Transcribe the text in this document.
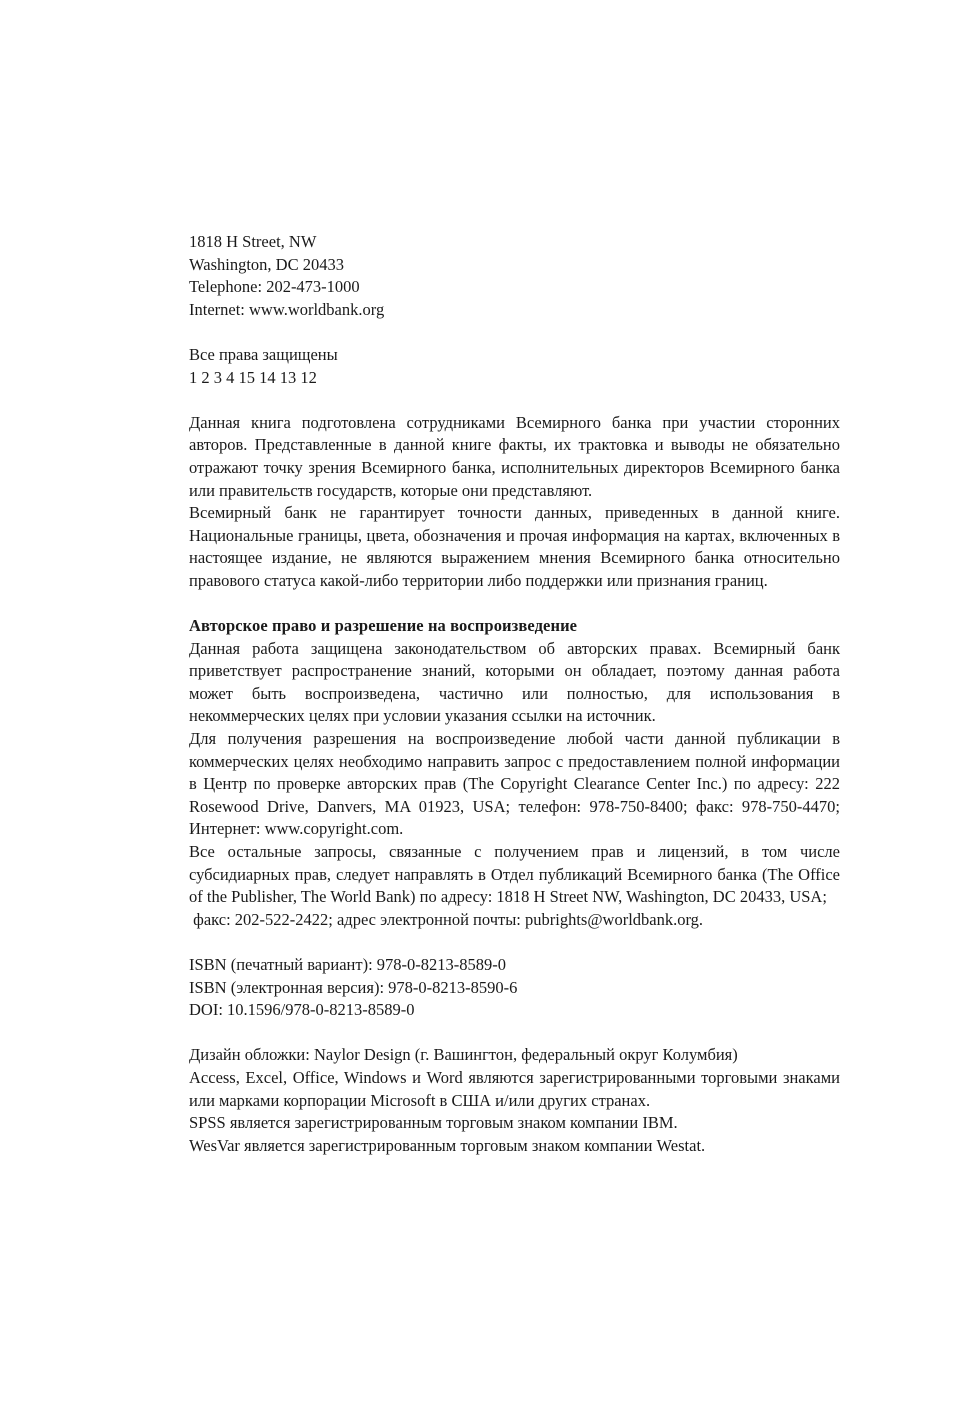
1818 H Street, NW
Washington, DC 20433
Telephone: 202-473-1000
Internet: www.worldbank.org
Все права защищены
1 2 3 4 15 14 13 12
Данная книга подготовлена сотрудниками Всемирного банка при участии сторонних авторов. Представленные в данной книге факты, их трактовка и выводы не обязательно отражают точку зрения Всемирного банка, исполнительных директоров Всемирного банка или правительств государств, которые они представляют.
Всемирный банк не гарантирует точности данных, приведенных в данной книге. Национальные границы, цвета, обозначения и прочая информация на картах, включенных в настоящее издание, не являются выражением мнения Всемирного банка относительно правового статуса какой-либо территории либо поддержки или признания границ.
Авторское право и разрешение на воспроизведение
Данная работа защищена законодательством об авторских правах. Всемирный банк приветствует распространение знаний, которыми он обладает, поэтому данная работа может быть воспроизведена, частично или полностью, для использования в некоммерческих целях при условии указания ссылки на источник.
Для получения разрешения на воспроизведение любой части данной публикации в коммерческих целях необходимо направить запрос с предоставлением полной информации в Центр по проверке авторских прав (The Copyright Clearance Center Inc.) по адресу: 222 Rosewood Drive, Danvers, MA 01923, USA; телефон: 978-750-8400; факс: 978-750-4470; Интернет: www.copyright.com.
Все остальные запросы, связанные с получением прав и лицензий, в том числе субсидиарных прав, следует направлять в Отдел публикаций Всемирного банка (The Office of the Publisher, The World Bank) по адресу: 1818 H Street NW, Washington, DC 20433, USA;
факс: 202-522-2422; адрес электронной почты: pubrights@worldbank.org.
ISBN (печатный вариант): 978-0-8213-8589-0
ISBN (электронная версия): 978-0-8213-8590-6
DOI: 10.1596/978-0-8213-8589-0
Дизайн обложки: Naylor Design (г. Вашингтон, федеральный округ Колумбия)
Access, Excel, Office, Windows и Word являются зарегистрированными торговыми знаками или марками корпорации Microsoft в США и/или других странах.
SPSS является зарегистрированным торговым знаком компании IBM.
WesVar является зарегистрированным торговым знаком компании Westat.
